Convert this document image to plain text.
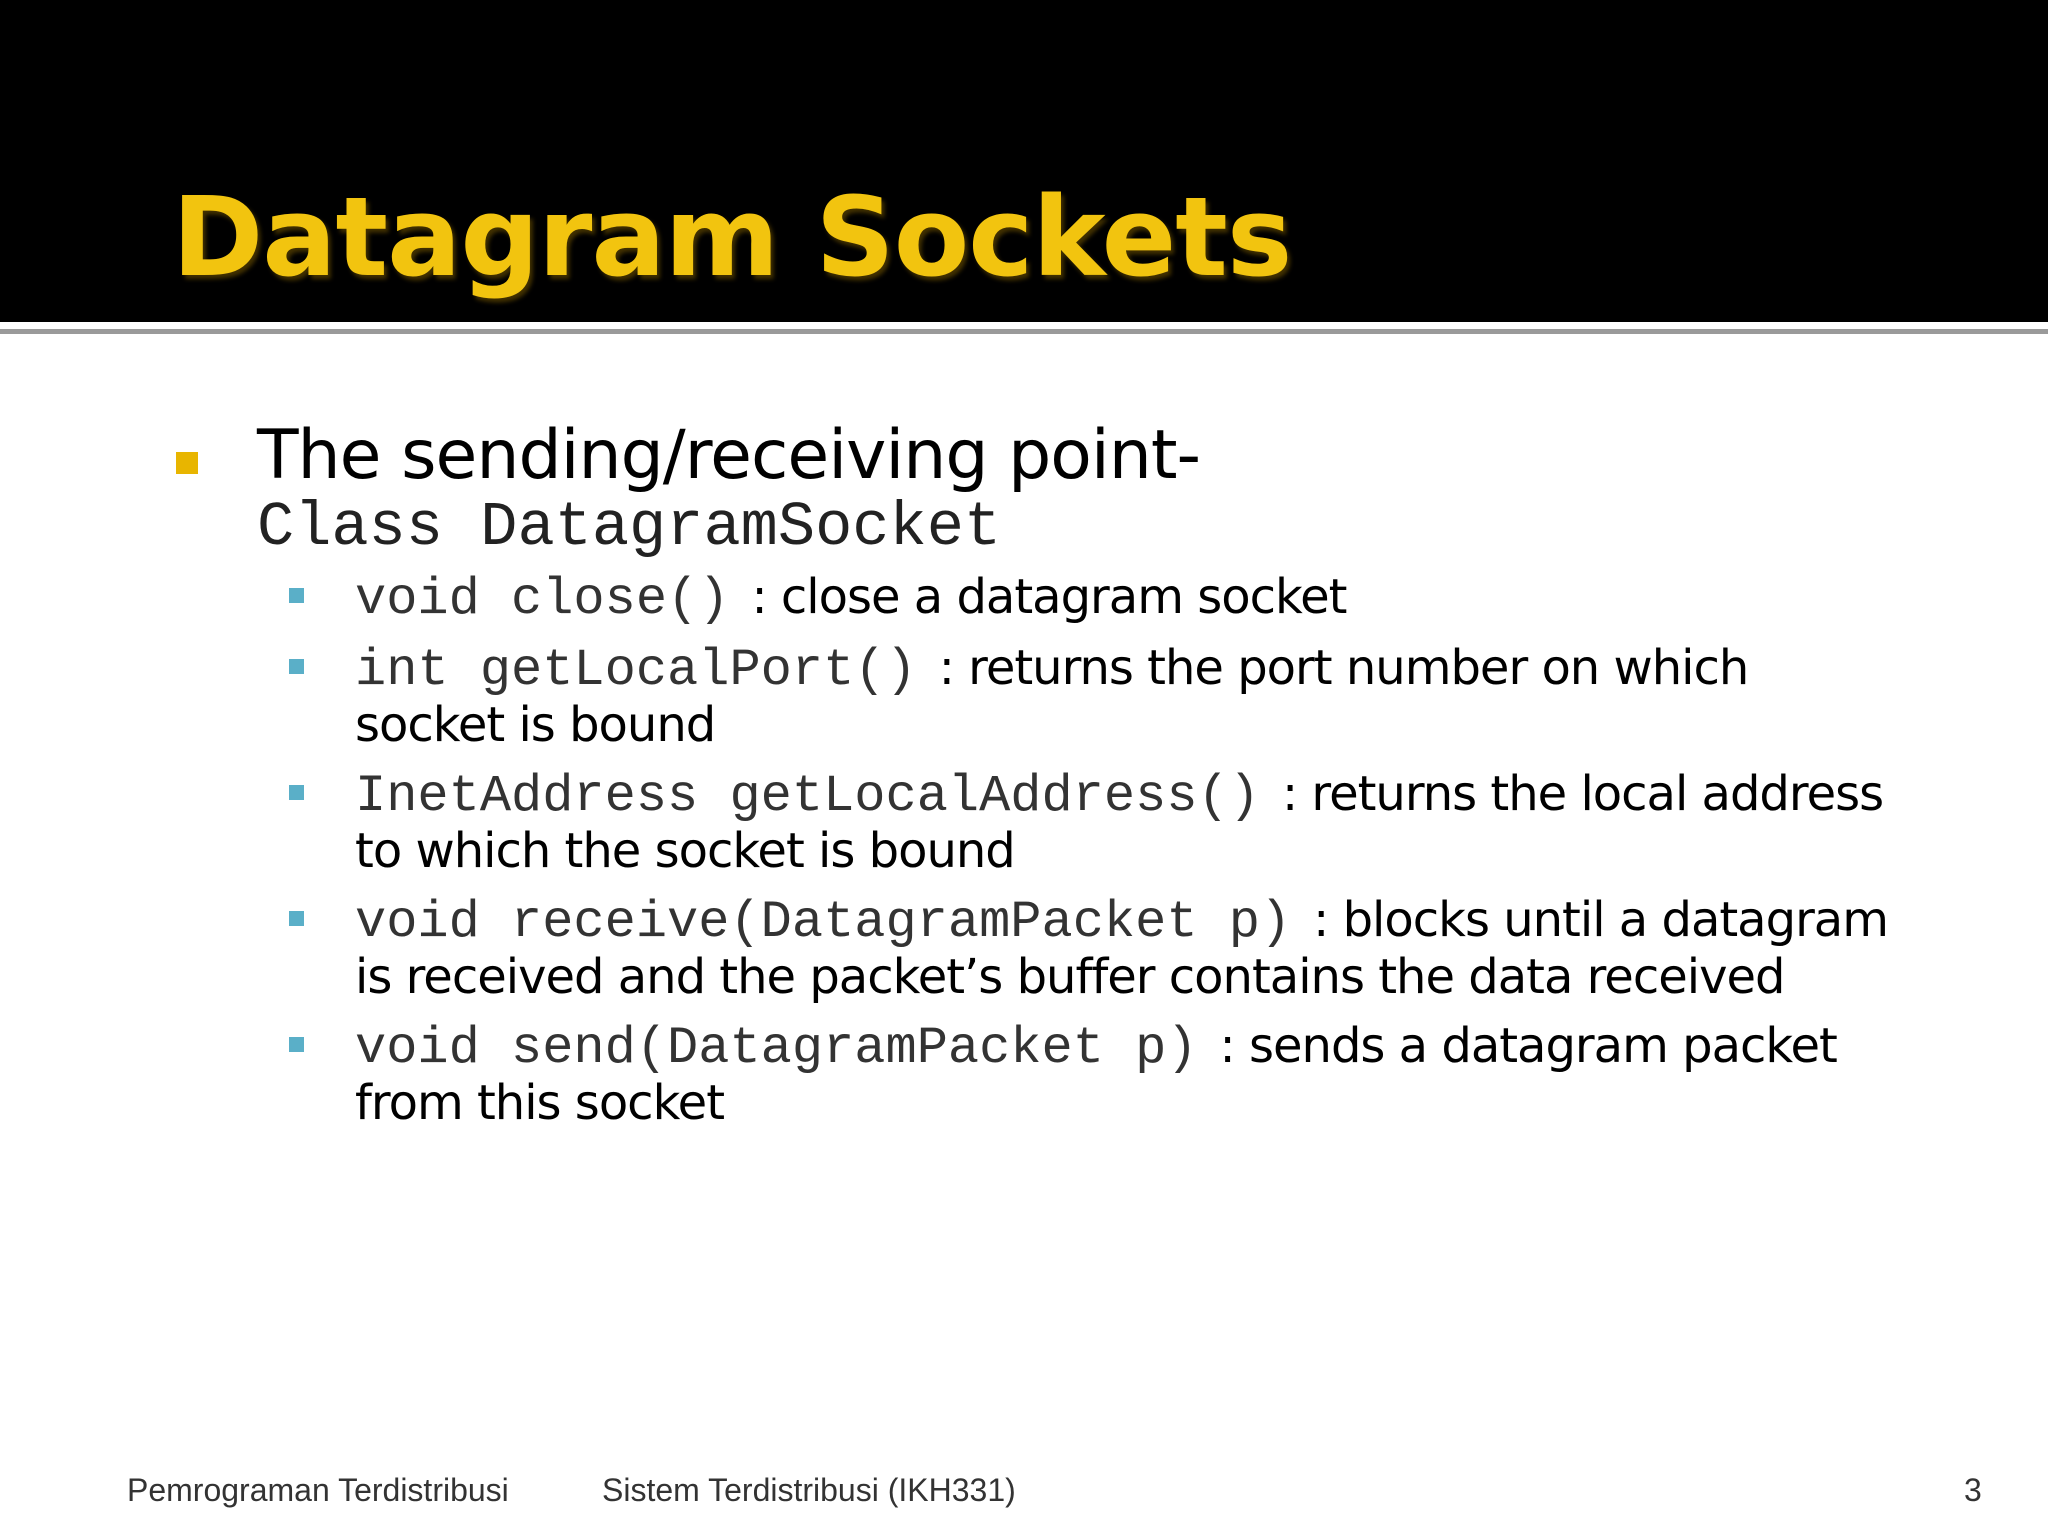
Datagram Sockets
The sending/receiving point-
Class DatagramSocket
void close() : close a datagram socket
int getLocalPort() : returns the port number on which socket is bound
InetAddress getLocalAddress() : returns the local address to which the socket is bound
void receive(DatagramPacket p) : blocks until a datagram is received and the packet’s buffer contains the data received
void send(DatagramPacket p) : sends a datagram packet from this socket
Pemrograman Terdistribusi	Sistem Terdistribusi (IKH331)	3
